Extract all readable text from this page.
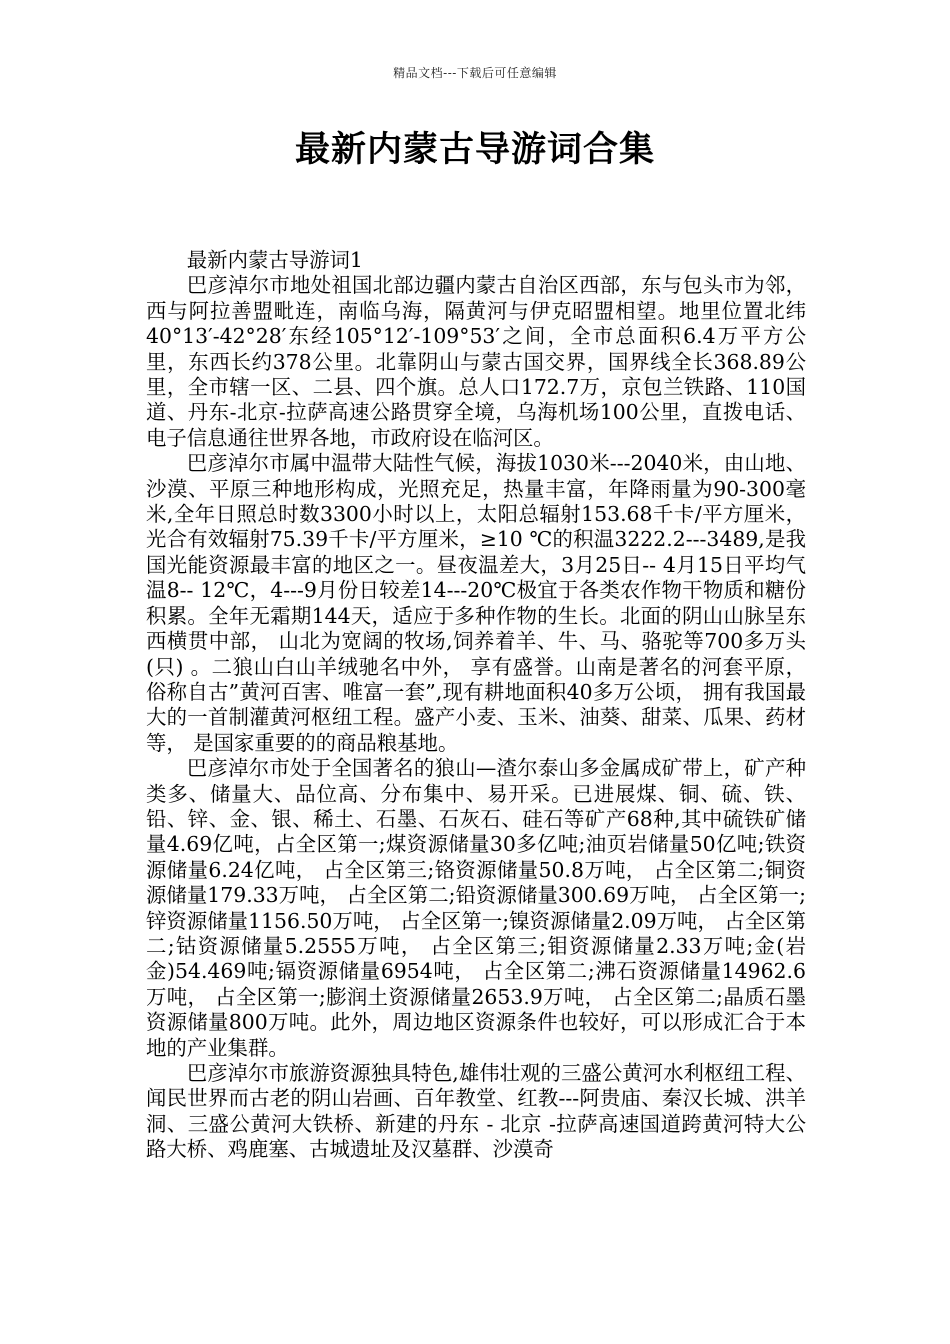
精品文档---下载后可任意编辑
最新内蒙古导游词合集

最新内蒙古导游词1

巴彦淖尔市地处祖国北部边疆内蒙古自治区西部，东与包头市为邻，西与阿拉善盟毗连，南临乌海，隔黄河与伊克昭盟相望。地里位置北纬40°13′-42°28′东经105°12′-109°53′之间，全市总面积6.4万平方公里，东西长约378公里。北靠阴山与蒙古国交界，国界线全长368.89公里，全市辖一区、二县、四个旗。总人口172.7万，京包兰铁路、110国道、丹东-北京-拉萨高速公路贯穿全境，乌海机场100公里，直拨电话、电子信息通往世界各地，市政府设在临河区。

巴彦淖尔市属中温带大陆性气候，海拔1030米---2040米，由山地、沙漠、平原三种地形构成，光照充足，热量丰富，年降雨量为90-300毫米,全年日照总时数3300小时以上，太阳总辐射153.68千卡/平方厘米，光合有效辐射75.39千卡/平方厘米，≥10 ℃的积温3222.2---3489,是我国光能资源最丰富的地区之一。昼夜温差大，3月25日-- 4月15日平均气温8-- 12℃，4---9月份日较差14---20℃极宜于各类农作物干物质和糖份积累。全年无霜期144天，适应于多种作物的生长。北面的阴山山脉呈东西横贯中部， 山北为宽阔的牧场,饲养着羊、牛、马、骆驼等700多万头(只) 。二狼山白山羊绒驰名中外， 享有盛誉。山南是著名的河套平原， 俗称自古”黄河百害、唯富一套”,现有耕地面积40多万公顷， 拥有我国最大的一首制灌黄河枢纽工程。盛产小麦、玉米、油葵、甜菜、瓜果、药材等， 是国家重要的的商品粮基地。

巴彦淖尔市处于全国著名的狼山—渣尔泰山多金属成矿带上，矿产种类多、储量大、品位高、分布集中、易开采。已进展煤、铜、硫、铁、铅、锌、金、银、稀土、石墨、石灰石、硅石等矿产68种,其中硫铁矿储量4.69亿吨，占全区第一;煤资源储量30多亿吨;油页岩储量50亿吨;铁资源储量6.24亿吨， 占全区第三;铬资源储量50.8万吨， 占全区第二;铜资源储量179.33万吨， 占全区第二;铅资源储量300.69万吨， 占全区第一;锌资源储量1156.50万吨， 占全区第一;镍资源储量2.09万吨， 占全区第二;钴资源储量5.2555万吨， 占全区第三;钼资源储量2.33万吨;金(岩金)54.469吨;镉资源储量6954吨， 占全区第二;沸石资源储量14962.6万吨， 占全区第一;膨润土资源储量2653.9万吨， 占全区第二;晶质石墨资源储量800万吨。此外，周边地区资源条件也较好，可以形成汇合于本地的产业集群。

巴彦淖尔市旅游资源独具特色,雄伟壮观的三盛公黄河水利枢纽工程、闻民世界而古老的阴山岩画、百年教堂、红教---阿贵庙、秦汉长城、洪羊洞、三盛公黄河大铁桥、新建的丹东 - 北京 -拉萨高速国道跨黄河特大公路大桥、鸡鹿塞、古城遗址及汉墓群、沙漠奇
